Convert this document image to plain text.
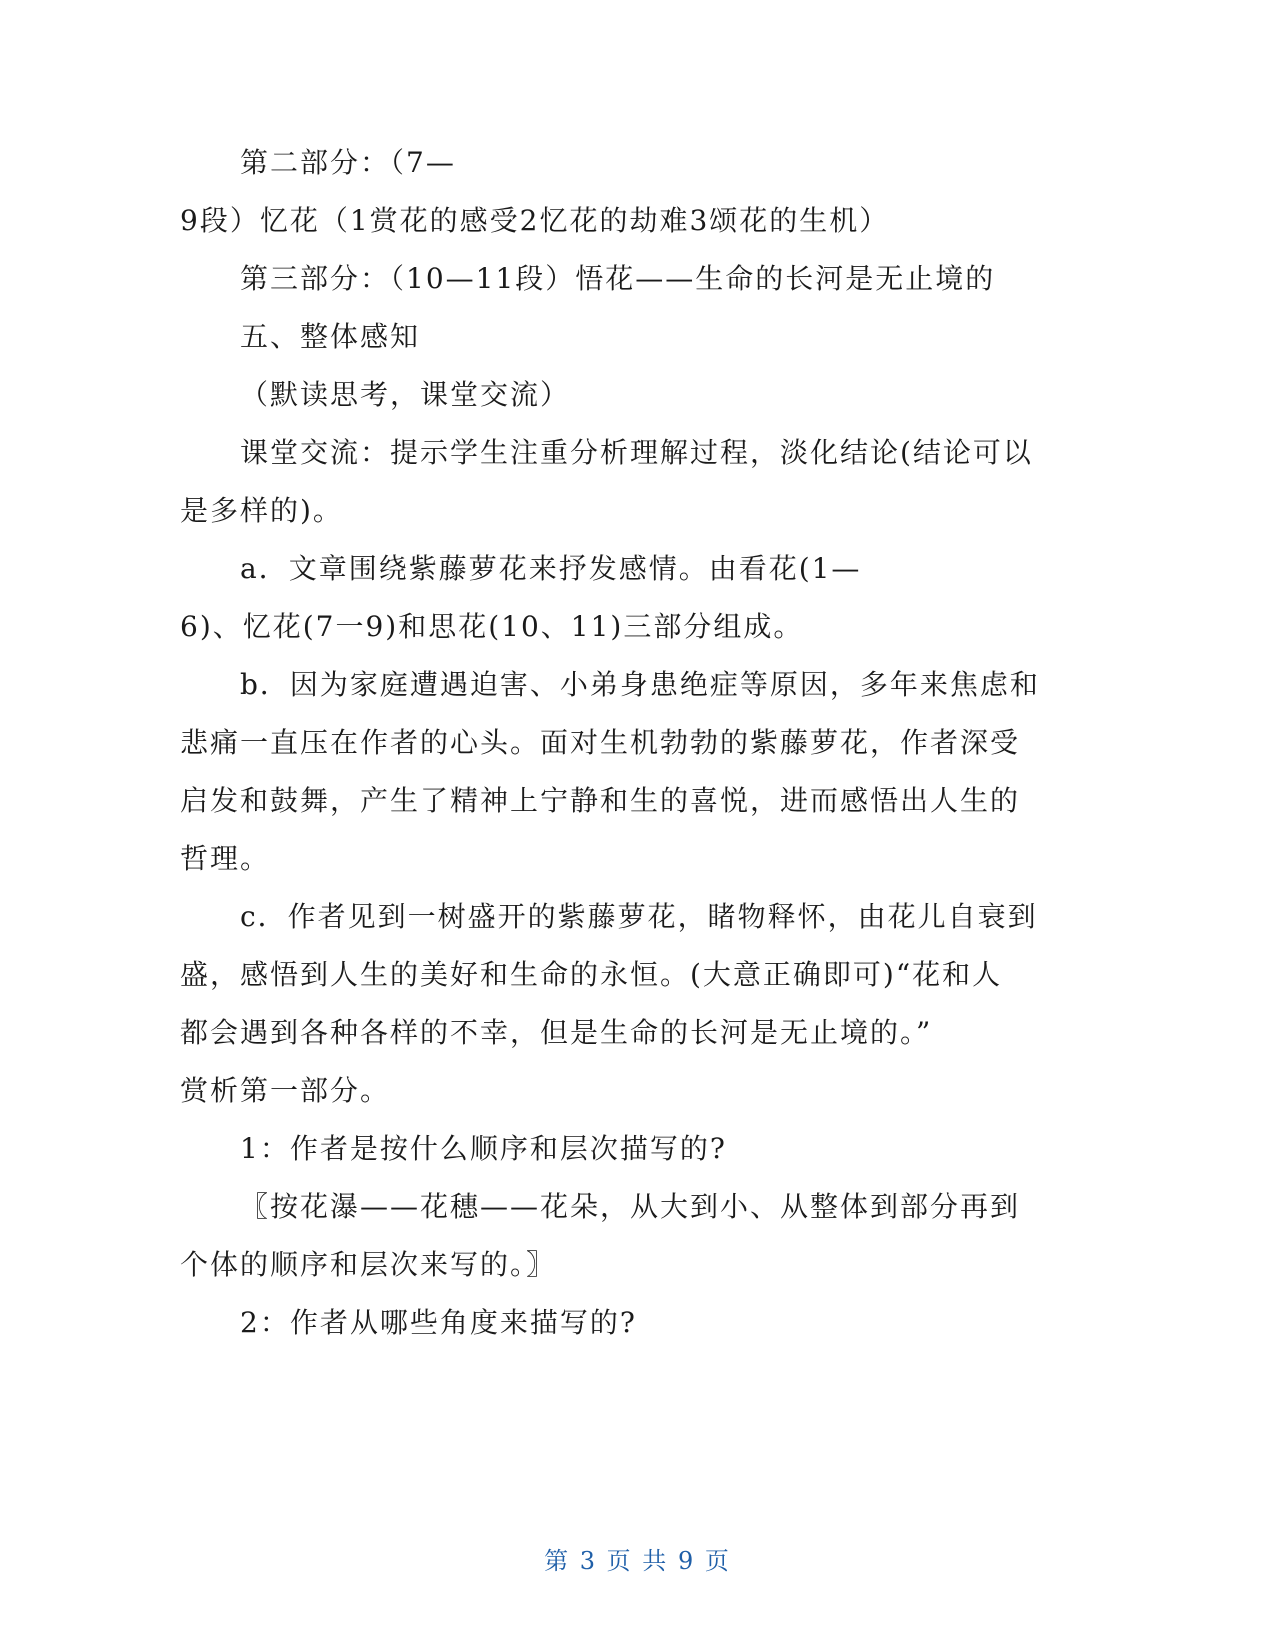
第二部分：（7—
9段）忆花（1赏花的感受2忆花的劫难3颂花的生机）
第三部分：（10—11段）悟花——生命的长河是无止境的
五、整体感知
（默读思考，课堂交流）
课堂交流：提示学生注重分析理解过程，淡化结论(结论可以
是多样的)。
a．文章围绕紫藤萝花来抒发感情。由看花(1—
6)、忆花(7一9)和思花(10、11)三部分组成。
b．因为家庭遭遇迫害、小弟身患绝症等原因，多年来焦虑和
悲痛一直压在作者的心头。面对生机勃勃的紫藤萝花，作者深受
启发和鼓舞，产生了精神上宁静和生的喜悦，进而感悟出人生的
哲理。
c．作者见到一树盛开的紫藤萝花，睹物释怀，由花儿自衰到
盛，感悟到人生的美好和生命的永恒。(大意正确即可)“花和人
都会遇到各种各样的不幸，但是生命的长河是无止境的。”
赏析第一部分。
1：作者是按什么顺序和层次描写的?
〖按花瀑——花穗——花朵，从大到小、从整体到部分再到
个体的顺序和层次来写的。〗
2：作者从哪些角度来描写的?
第 3 页 共 9 页
